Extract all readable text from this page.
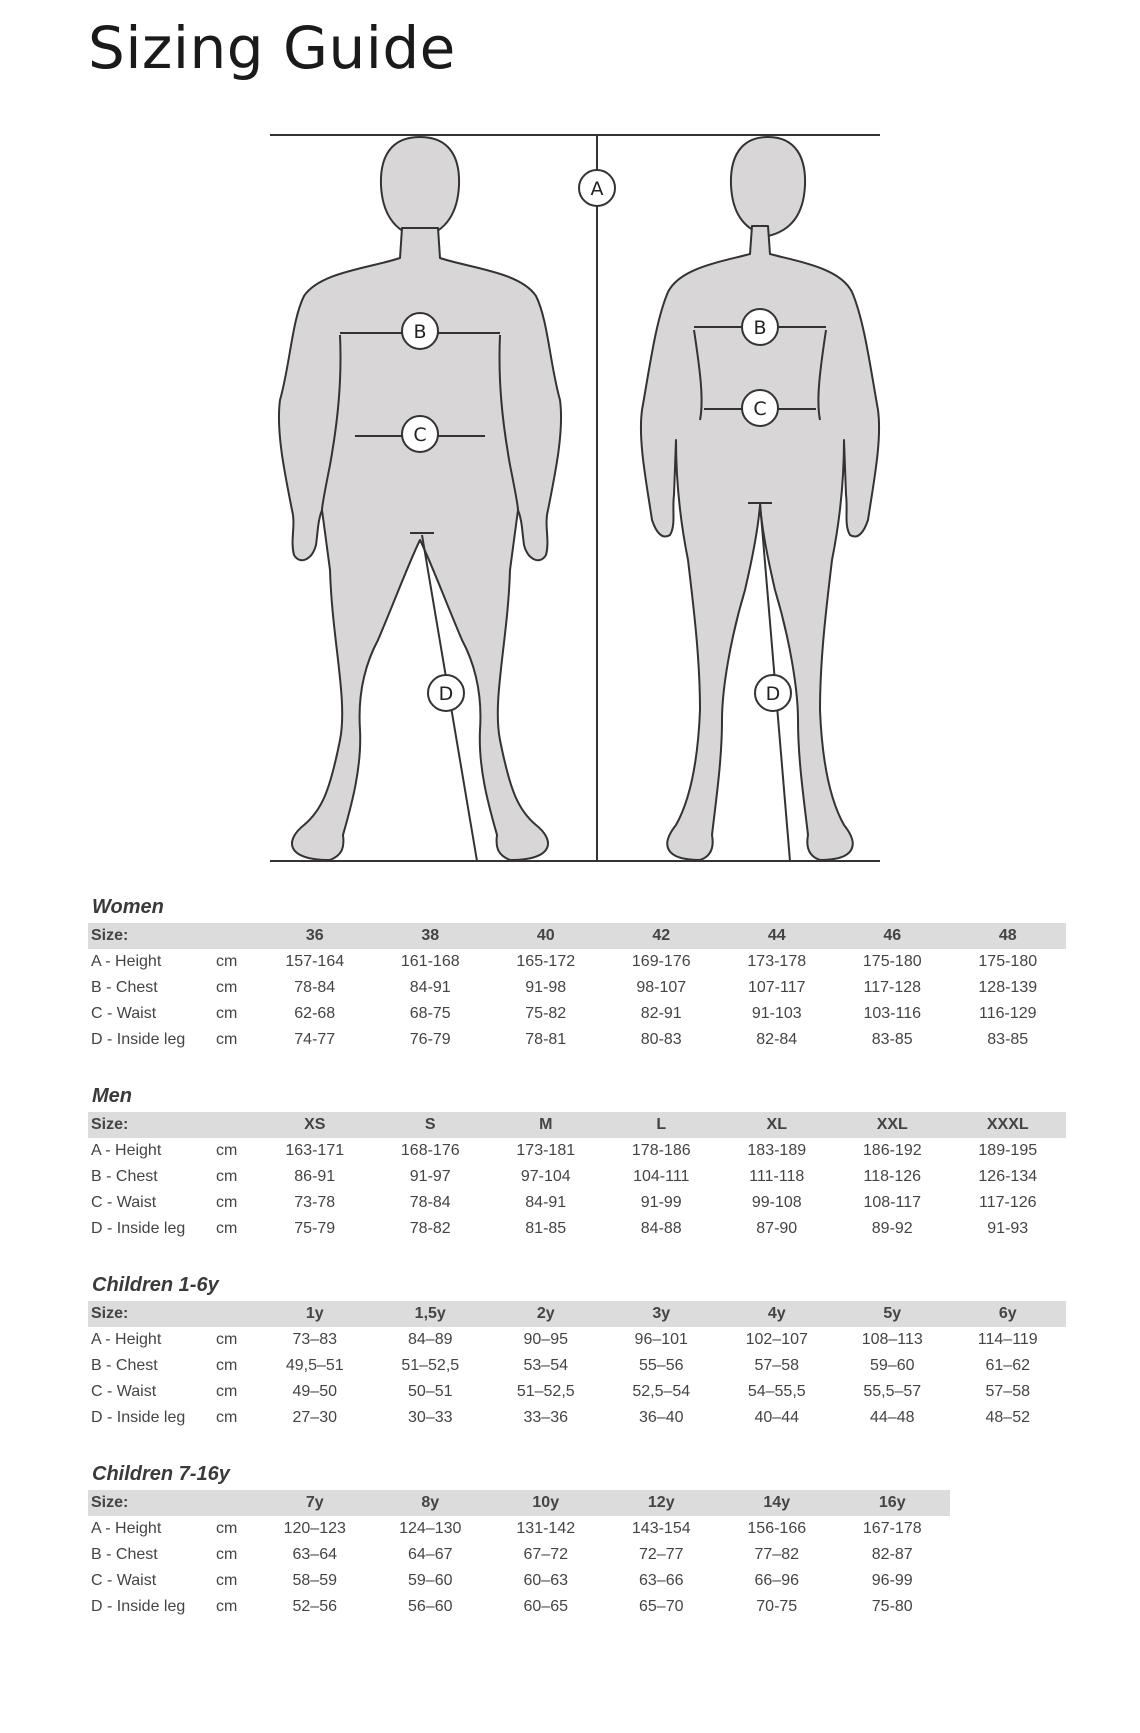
Sizing Guide
A
B
C
D
B
C
D
Women
Size:		36	38	40	42	44	46	48
A - Height	cm	157-164	161-168	165-172	169-176	173-178	175-180	175-180
B - Chest	cm	78-84	84-91	91-98	98-107	107-117	117-128	128-139
C - Waist	cm	62-68	68-75	75-82	82-91	91-103	103-116	116-129
D - Inside leg	cm	74-77	76-79	78-81	80-83	82-84	83-85	83-85
Men
Size:		XS	S	M	L	XL	XXL	XXXL
A - Height	cm	163-171	168-176	173-181	178-186	183-189	186-192	189-195
B - Chest	cm	86-91	91-97	97-104	104-111	111-118	118-126	126-134
C - Waist	cm	73-78	78-84	84-91	91-99	99-108	108-117	117-126
D - Inside leg	cm	75-79	78-82	81-85	84-88	87-90	89-92	91-93
Children 1-6y
Size:		1y	1,5y	2y	3y	4y	5y	6y
A - Height	cm	73–83	84–89	90–95	96–101	102–107	108–113	114–119
B - Chest	cm	49,5–51	51–52,5	53–54	55–56	57–58	59–60	61–62
C - Waist	cm	49–50	50–51	51–52,5	52,5–54	54–55,5	55,5–57	57–58
D - Inside leg	cm	27–30	30–33	33–36	36–40	40–44	44–48	48–52
Children 7-16y
Size:		7y	8y	10y	12y	14y	16y
A - Height	cm	120–123	124–130	131-142	143-154	156-166	167-178
B - Chest	cm	63–64	64–67	67–72	72–77	77–82	82-87
C - Waist	cm	58–59	59–60	60–63	63–66	66–96	96-99
D - Inside leg	cm	52–56	56–60	60–65	65–70	70-75	75-80
